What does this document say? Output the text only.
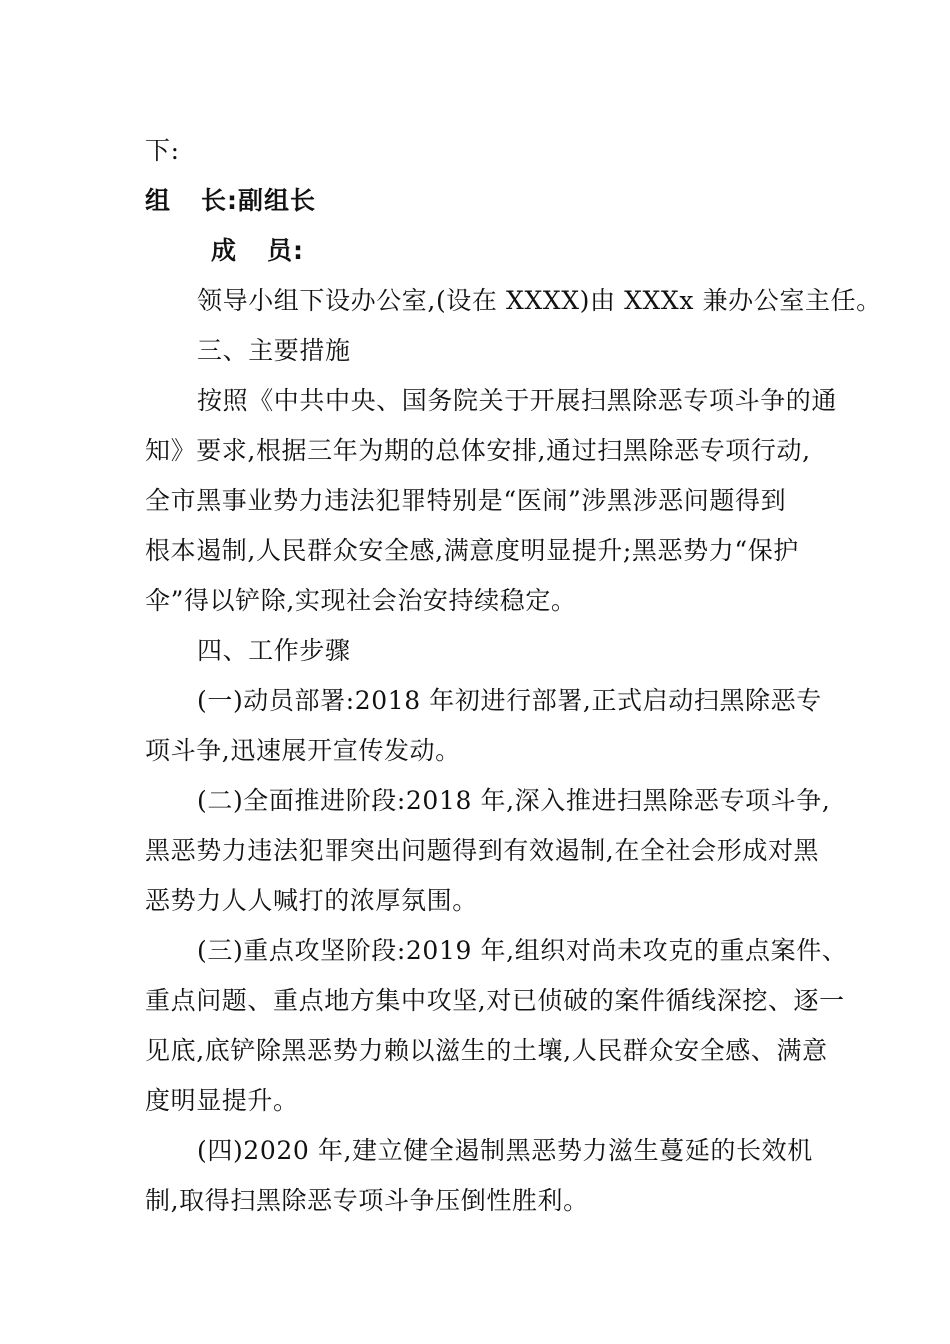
下:
组 长:副组长
成 员:
领导小组下设办公室,(设在 XXXX)由 XXXx 兼办公室主任。
三、主要措施
按照《中共中央、国务院关于开展扫黑除恶专项斗争的通
知》要求,根据三年为期的总体安排,通过扫黑除恶专项行动,
全市黑事业势力违法犯罪特别是“医闹”涉黑涉恶问题得到
根本遏制,人民群众安全感,满意度明显提升;黑恶势力“保护
伞”得以铲除,实现社会治安持续稳定。
四、工作步骤
(一)动员部署:2018 年初进行部署,正式启动扫黑除恶专
项斗争,迅速展开宣传发动。
(二)全面推进阶段:2018 年,深入推进扫黑除恶专项斗争,
黑恶势力违法犯罪突出问题得到有效遏制,在全社会形成对黑
恶势力人人喊打的浓厚氛围。
(三)重点攻坚阶段:2019 年,组织对尚未攻克的重点案件、
重点问题、重点地方集中攻坚,对已侦破的案件循线深挖、逐一
见底,底铲除黑恶势力赖以滋生的土壤,人民群众安全感、满意
度明显提升。
(四)2020 年,建立健全遏制黑恶势力滋生蔓延的长效机
制,取得扫黑除恶专项斗争压倒性胜利。
